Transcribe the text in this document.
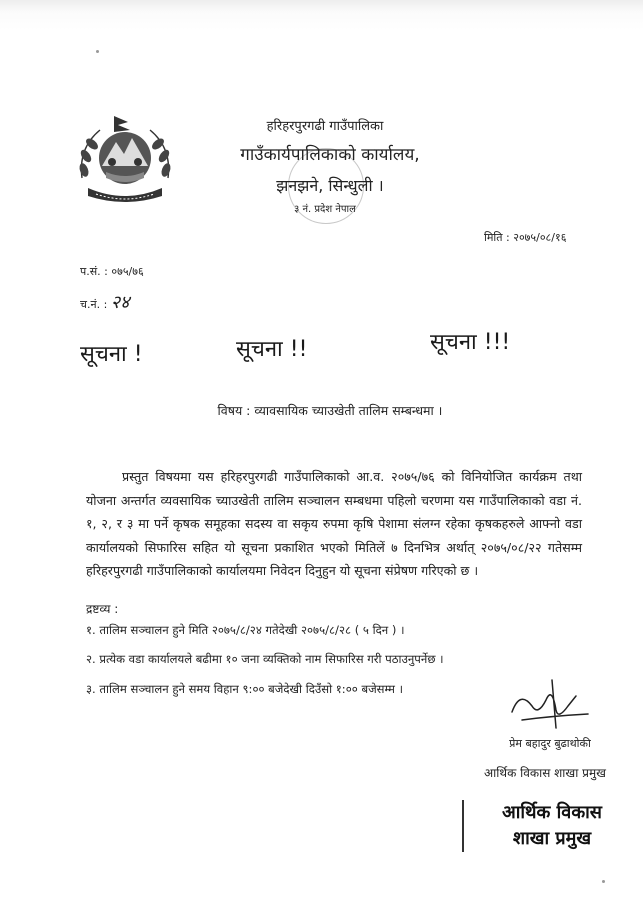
हरिहरपुरगढी गाउँपालिका
गाउँकार्यपालिकाको कार्यालय,
झनझने, सिन्धुली ।
३ नं. प्रदेश नेपाल
मिति : २०७५/०८/१६
प.सं. : ०७५/७६
च.नं. : २४
सूचना !	सूचना !!	सूचना !!!
विषय : व्यावसायिक च्याउखेती तालिम सम्बन्धमा ।
प्रस्तुत विषयमा यस हरिहरपुरगढी गाउँपालिकाको आ.व. २०७५/७६ को विनियोजित कार्यक्रम तथा योजना अन्तर्गत व्यवसायिक च्याउखेती तालिम सञ्चालन सम्बधमा पहिलो चरणमा यस गाउँपालिकाको वडा नं. १, २, र ३ मा पर्ने कृषक समूहका सदस्य वा सकृय रुपमा कृषि पेशामा संलग्न रहेका कृषकहरुले आफ्नो वडा कार्यालयको सिफारिस सहित यो सूचना प्रकाशित भएको मितिलें ७ दिनभित्र अर्थात् २०७५/०८/२२ गतेसम्म हरिहरपुरगढी गाउँपालिकाको कार्यालयमा निवेदन दिनुहुन यो सूचना संप्रेषण गरिएको छ ।
द्रष्टव्य :
१. तालिम सञ्चालन हुने मिति २०७५/८/२४ गतेदेखी २०७५/८/२८ ( ५ दिन ) ।
२. प्रत्येक वडा कार्यालयले बढीमा १० जना व्यक्तिको नाम सिफारिस गरी पठाउनुपर्नेछ ।
३. तालिम सञ्चालन हुने समय विहान ९:०० बजेदेखी दिउँसो १:०० बजेसम्म ।
प्रेम बहादुर बुढाथोकी
आर्थिक विकास शाखा प्रमुख
आर्थिक विकास
शाखा प्रमुख
